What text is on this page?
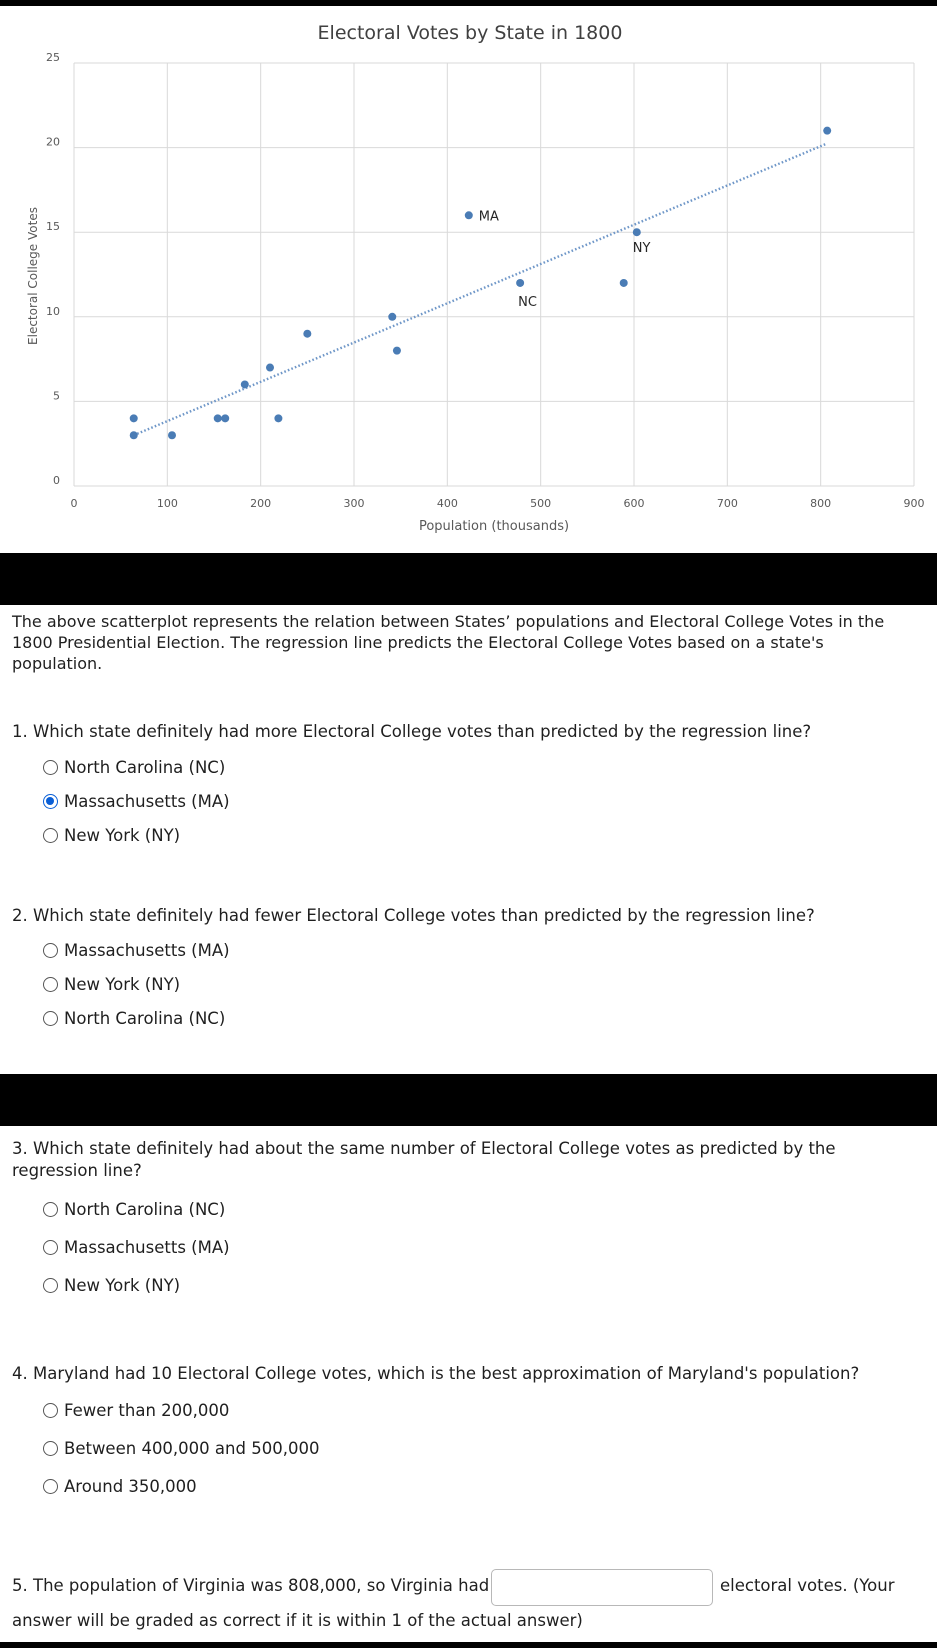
0	100	200	300	400	500	600	700	800	900
0
5
10
15
20
25
Electoral Votes by State in 1800
Population (thousands)
Electoral College Votes	MA
NC
NY
The above scatterplot represents the relation between States’ populations and Electoral College Votes in the 1800 Presidential Election. The regression line predicts the Electoral College Votes based on a state's population.
1. Which state definitely had more Electoral College votes than predicted by the regression line?
North Carolina (NC)
Massachusetts (MA)
New York (NY)
2. Which state definitely had fewer Electoral College votes than predicted by the regression line?
Massachusetts (MA)
New York (NY)
North Carolina (NC)
3. Which state definitely had about the same number of Electoral College votes as predicted by the regression line?
North Carolina (NC)
Massachusetts (MA)
New York (NY)
4. Maryland had 10 Electoral College votes, which is the best approximation of Maryland's population?
Fewer than 200,000
Between 400,000 and 500,000
Around 350,000
5. The population of Virginia was 808,000, so Virginia had	electoral votes. (Your
answer will be graded as correct if it is within 1 of the actual answer)
